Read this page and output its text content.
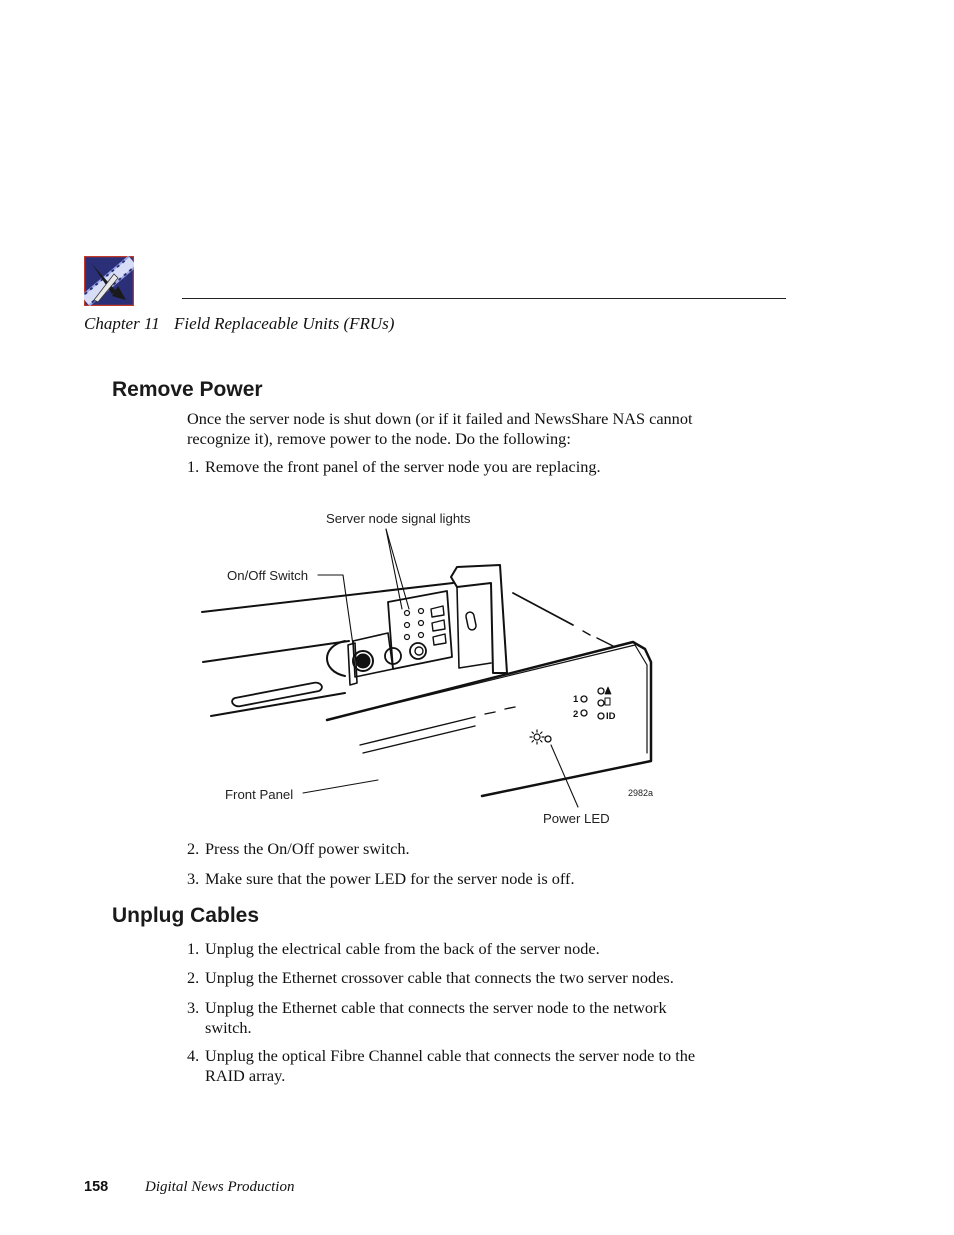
Chapter 11 Field Replaceable Units (FRUs)
Remove Power
Once the server node is shut down (or if it failed and NewsShare NAS cannot
recognize it), remove power to the node. Do the following:
1. Remove the front panel of the server node you are replacing.
1
2	ID
Server node signal lights
On/Off Switch
Front Panel	2982a
Power LED
2. Press the On/Off power switch.
3. Make sure that the power LED for the server node is off.
Unplug Cables
1. Unplug the electrical cable from the back of the server node.
2. Unplug the Ethernet crossover cable that connects the two server nodes.
3. Unplug the Ethernet cable that connects the server node to the network
switch.
4. Unplug the optical Fibre Channel cable that connects the server node to the
RAID array.
158 Digital News Production
